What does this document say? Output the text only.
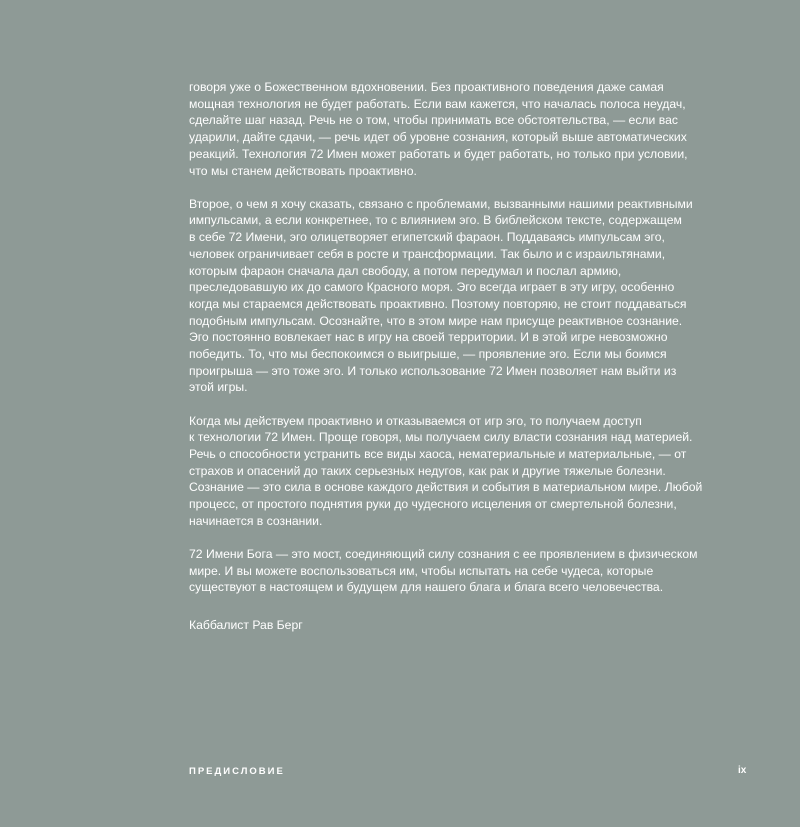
говоря уже о Божественном вдохновении. Без проактивного поведения даже самая
мощная технология не будет работать. Если вам кажется, что началась полоса неудач,
сделайте шаг назад. Речь не о том, чтобы принимать все обстоятельства, — если вас
ударили, дайте сдачи, — речь идет об уровне сознания, который выше автоматических
реакций. Технология 72 Имен может работать и будет работать, но только при условии,
что мы станем действовать проактивно.

Второе, о чем я хочу сказать, связано с проблемами, вызванными нашими реактивными
импульсами, а если конкретнее, то с влиянием эго. В библейском тексте, содержащем
в себе 72 Имени, эго олицетворяет египетский фараон. Поддаваясь импульсам эго,
человек ограничивает себя в росте и трансформации. Так было и с израильтянами,
которым фараон сначала дал свободу, а потом передумал и послал армию,
преследовавшую их до самого Красного моря. Эго всегда играет в эту игру, особенно
когда мы стараемся действовать проактивно. Поэтому повторяю, не стоит поддаваться
подобным импульсам. Осознайте, что в этом мире нам присуще реактивное сознание.
Эго постоянно вовлекает нас в игру на своей территории. И в этой игре невозможно
победить. То, что мы беспокоимся о выигрыше, — проявление эго. Если мы боимся
проигрыша — это тоже эго. И только использование 72 Имен позволяет нам выйти из
этой игры.

Когда мы действуем проактивно и отказываемся от игр эго, то получаем доступ
к технологии 72 Имен. Проще говоря, мы получаем силу власти сознания над материей.
Речь о способности устранить все виды хаоса, нематериальные и материальные, — от
страхов и опасений до таких серьезных недугов, как рак и другие тяжелые болезни.
Сознание — это сила в основе каждого действия и события в материальном мире. Любой
процесс, от простого поднятия руки до чудесного исцеления от смертельной болезни,
начинается в сознании.

72 Имени Бога — это мост, соединяющий силу сознания с ее проявлением в физическом
мире. И вы можете воспользоваться им, чтобы испытать на себе чудеса, которые
существуют в настоящем и будущем для нашего блага и блага всего человечества.

Каббалист Рав Берг
ПРЕДИСЛОВИЕ	ix
